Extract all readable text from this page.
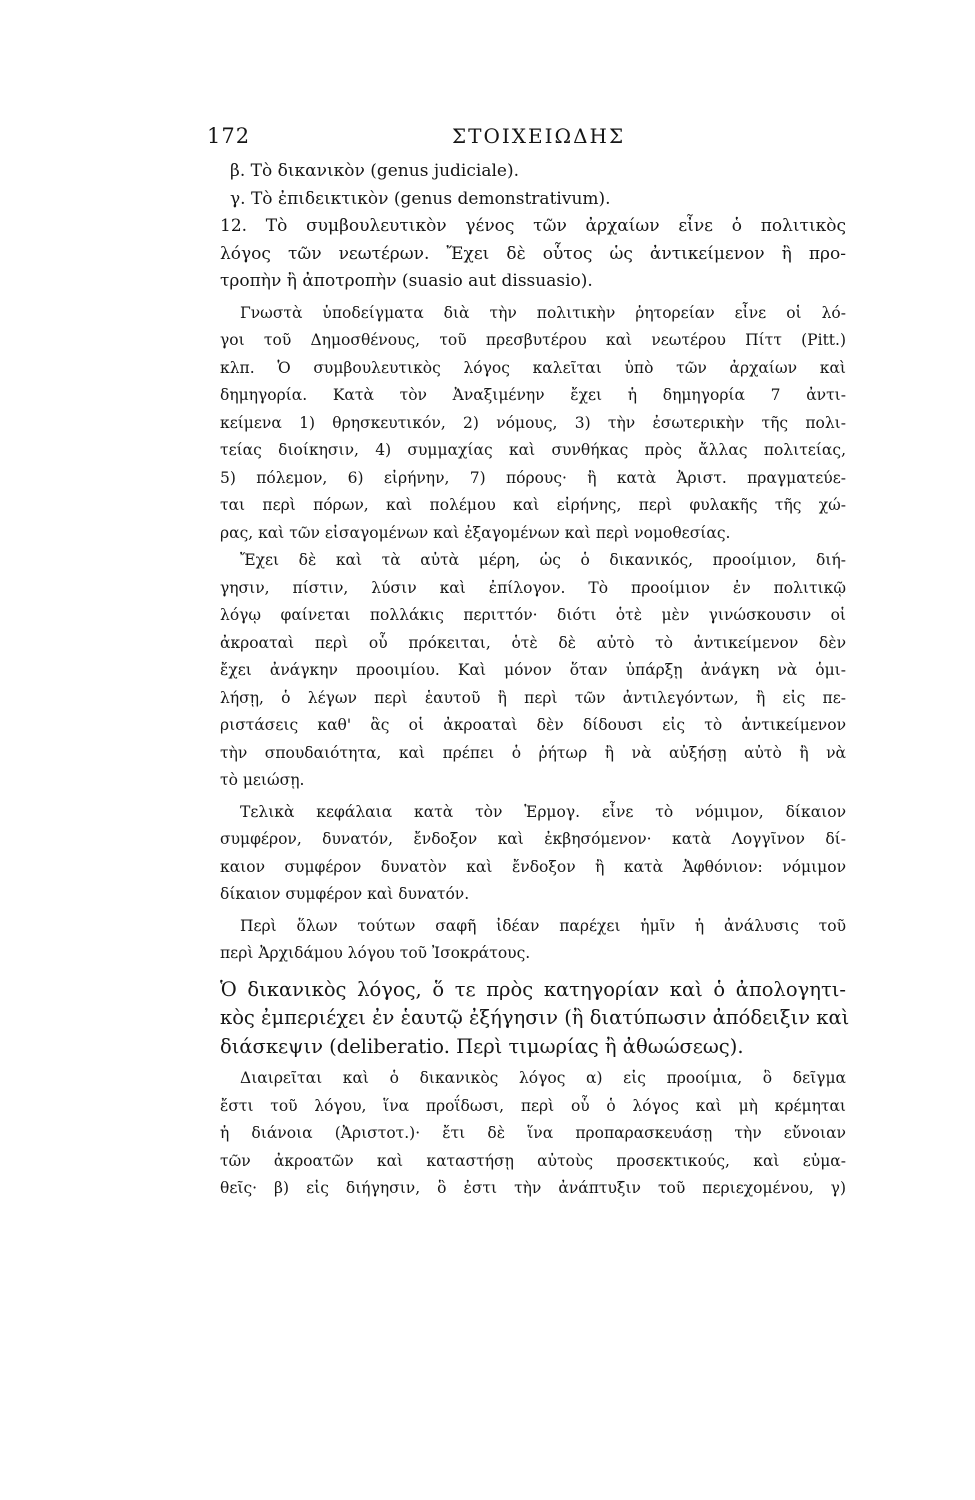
172	ΣΤΟΙΧΕΙΩΔΗΣ
β. Τὸ δικανικὸν (genus judiciale).
γ. Τὸ ἐπιδεικτικὸν (genus demonstrativum).
12. Τὸ συμβουλευτικὸν γένος τῶν ἀρχαίων εἶνε ὁ πολιτικὸς
λόγος τῶν νεωτέρων. Ἔχει δὲ οὗτος ὡς ἀντικείμενον ἢ προ-
τροπὴν ἢ ἀποτροπὴν (suasio aut dissuasio).
Γνωστὰ ὑποδείγματα διὰ τὴν πολιτικὴν ῥητορείαν εἶνε οἱ λό-
γοι τοῦ Δημοσθένους, τοῦ πρεσβυτέρου καὶ νεωτέρου Πίττ (Pitt.)
κλπ. Ὁ συμβουλευτικὸς λόγος καλεῖται ὑπὸ τῶν ἀρχαίων καὶ
δημηγορία. Κατὰ τὸν Ἀναξιμένην ἔχει ἡ δημηγορία 7 ἀντι-
κείμενα 1) θρησκευτικόν, 2) νόμους, 3) τὴν ἐσωτερικὴν τῆς πολι-
τείας διοίκησιν, 4) συμμαχίας καὶ συνθήκας πρὸς ἄλλας πολιτείας,
5) πόλεμον, 6) εἰρήνην, 7) πόρους· ἢ κατὰ Ἀριστ. πραγματεύε-
ται περὶ πόρων, καὶ πολέμου καὶ εἰρήνης, περὶ φυλακῆς τῆς χώ-
ρας, καὶ τῶν εἰσαγομένων καὶ ἐξαγομένων καὶ περὶ νομοθεσίας.
Ἔχει δὲ καὶ τὰ αὐτὰ μέρη, ὡς ὁ δικανικός, προοίμιον, διή-
γησιν, πίστιν, λύσιν καὶ ἐπίλογον. Τὸ προοίμιον ἐν πολιτικῷ
λόγῳ φαίνεται πολλάκις περιττόν· διότι ὁτὲ μὲν γινώσκουσιν οἱ
ἀκροαταὶ περὶ οὗ πρόκειται, ὁτὲ δὲ αὐτὸ τὸ ἀντικείμενον δὲν
ἔχει ἀνάγκην προοιμίου. Καὶ μόνον ὅταν ὑπάρξῃ ἀνάγκη νὰ ὁμι-
λήσῃ, ὁ λέγων περὶ ἑαυτοῦ ἢ περὶ τῶν ἀντιλεγόντων, ἢ εἰς πε-
ριστάσεις καθ' ἃς οἱ ἀκροαταὶ δὲν δίδουσι εἰς τὸ ἀντικείμενον
τὴν σπουδαιότητα, καὶ πρέπει ὁ ῥήτωρ ἢ νὰ αὐξήσῃ αὐτὸ ἢ νὰ
τὸ μειώσῃ.
Τελικὰ κεφάλαια κατὰ τὸν Ἑρμογ. εἶνε τὸ νόμιμον, δίκαιον
συμφέρον, δυνατόν, ἔνδοξον καὶ ἐκβησόμενον· κατὰ Λογγῖνον δί-
καιον συμφέρον δυνατὸν καὶ ἔνδοξον ἢ κατὰ Ἀφθόνιον: νόμιμον
δίκαιον συμφέρον καὶ δυνατόν.
Περὶ ὅλων τούτων σαφῆ ἰδέαν παρέχει ἡμῖν ἡ ἀνάλυσις τοῦ
περὶ Ἀρχιδάμου λόγου τοῦ Ἰσοκράτους.
Ὁ δικανικὸς λόγος, ὅ τε πρὸς κατηγορίαν καὶ ὁ ἀπολογητι-
κὸς ἐμπεριέχει ἐν ἑαυτῷ ἐξήγησιν (ἢ διατύπωσιν ἀπόδειξιν καὶ
διάσκεψιν (deliberatio. Περὶ τιμωρίας ἢ ἀθωώσεως).
Διαιρεῖται καὶ ὁ δικανικὸς λόγος α) εἰς προοίμια, ὃ δεῖγμα
ἔστι τοῦ λόγου, ἵνα προΐδωσι, περὶ οὗ ὁ λόγος καὶ μὴ κρέμηται
ἡ διάνοια (Ἀριστοτ.)· ἔτι δὲ ἵνα προπαρασκευάσῃ τὴν εὔνοιαν
τῶν ἀκροατῶν καὶ καταστήσῃ αὐτοὺς προσεκτικούς, καὶ εὐμα-
θεῖς· β) εἰς διήγησιν, ὃ ἐστι τὴν ἀνάπτυξιν τοῦ περιεχομένου, γ)
